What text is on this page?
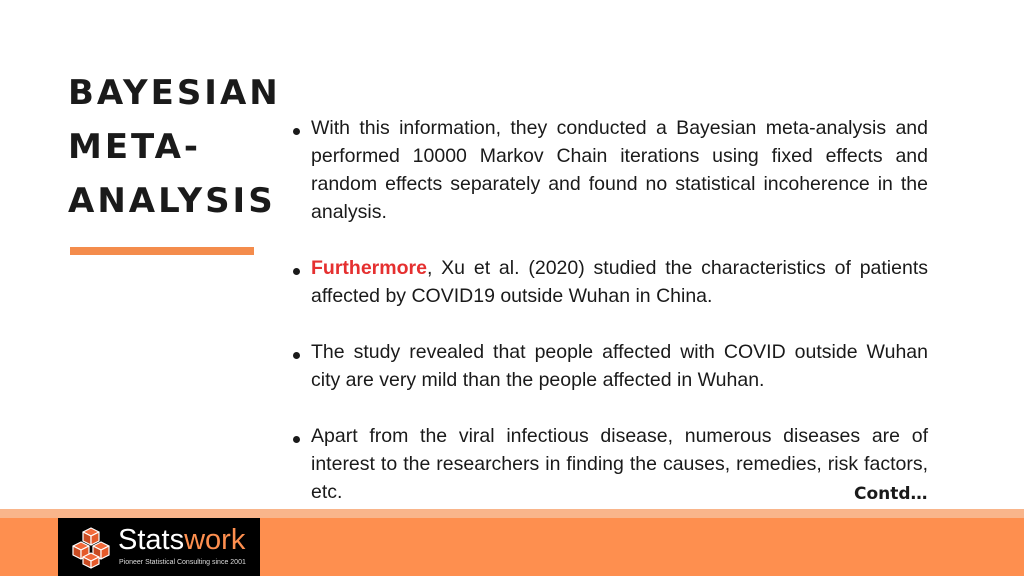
BAYESIAN
META-
ANALYSIS
With this information, they conducted a Bayesian meta-analysis and performed 10000 Markov Chain iterations using fixed effects and random effects separately and found no statistical incoherence in the analysis.
Furthermore, Xu et al. (2020) studied the characteristics of patients affected by COVID19 outside Wuhan in China.
The study revealed that people affected with COVID outside Wuhan city are very mild than the people affected in Wuhan.
Apart from the viral infectious disease, numerous diseases are of interest to the researchers in finding the causes, remedies, risk factors, etc.	Contd…
Statswork
Pioneer Statistical Consulting since 2001
